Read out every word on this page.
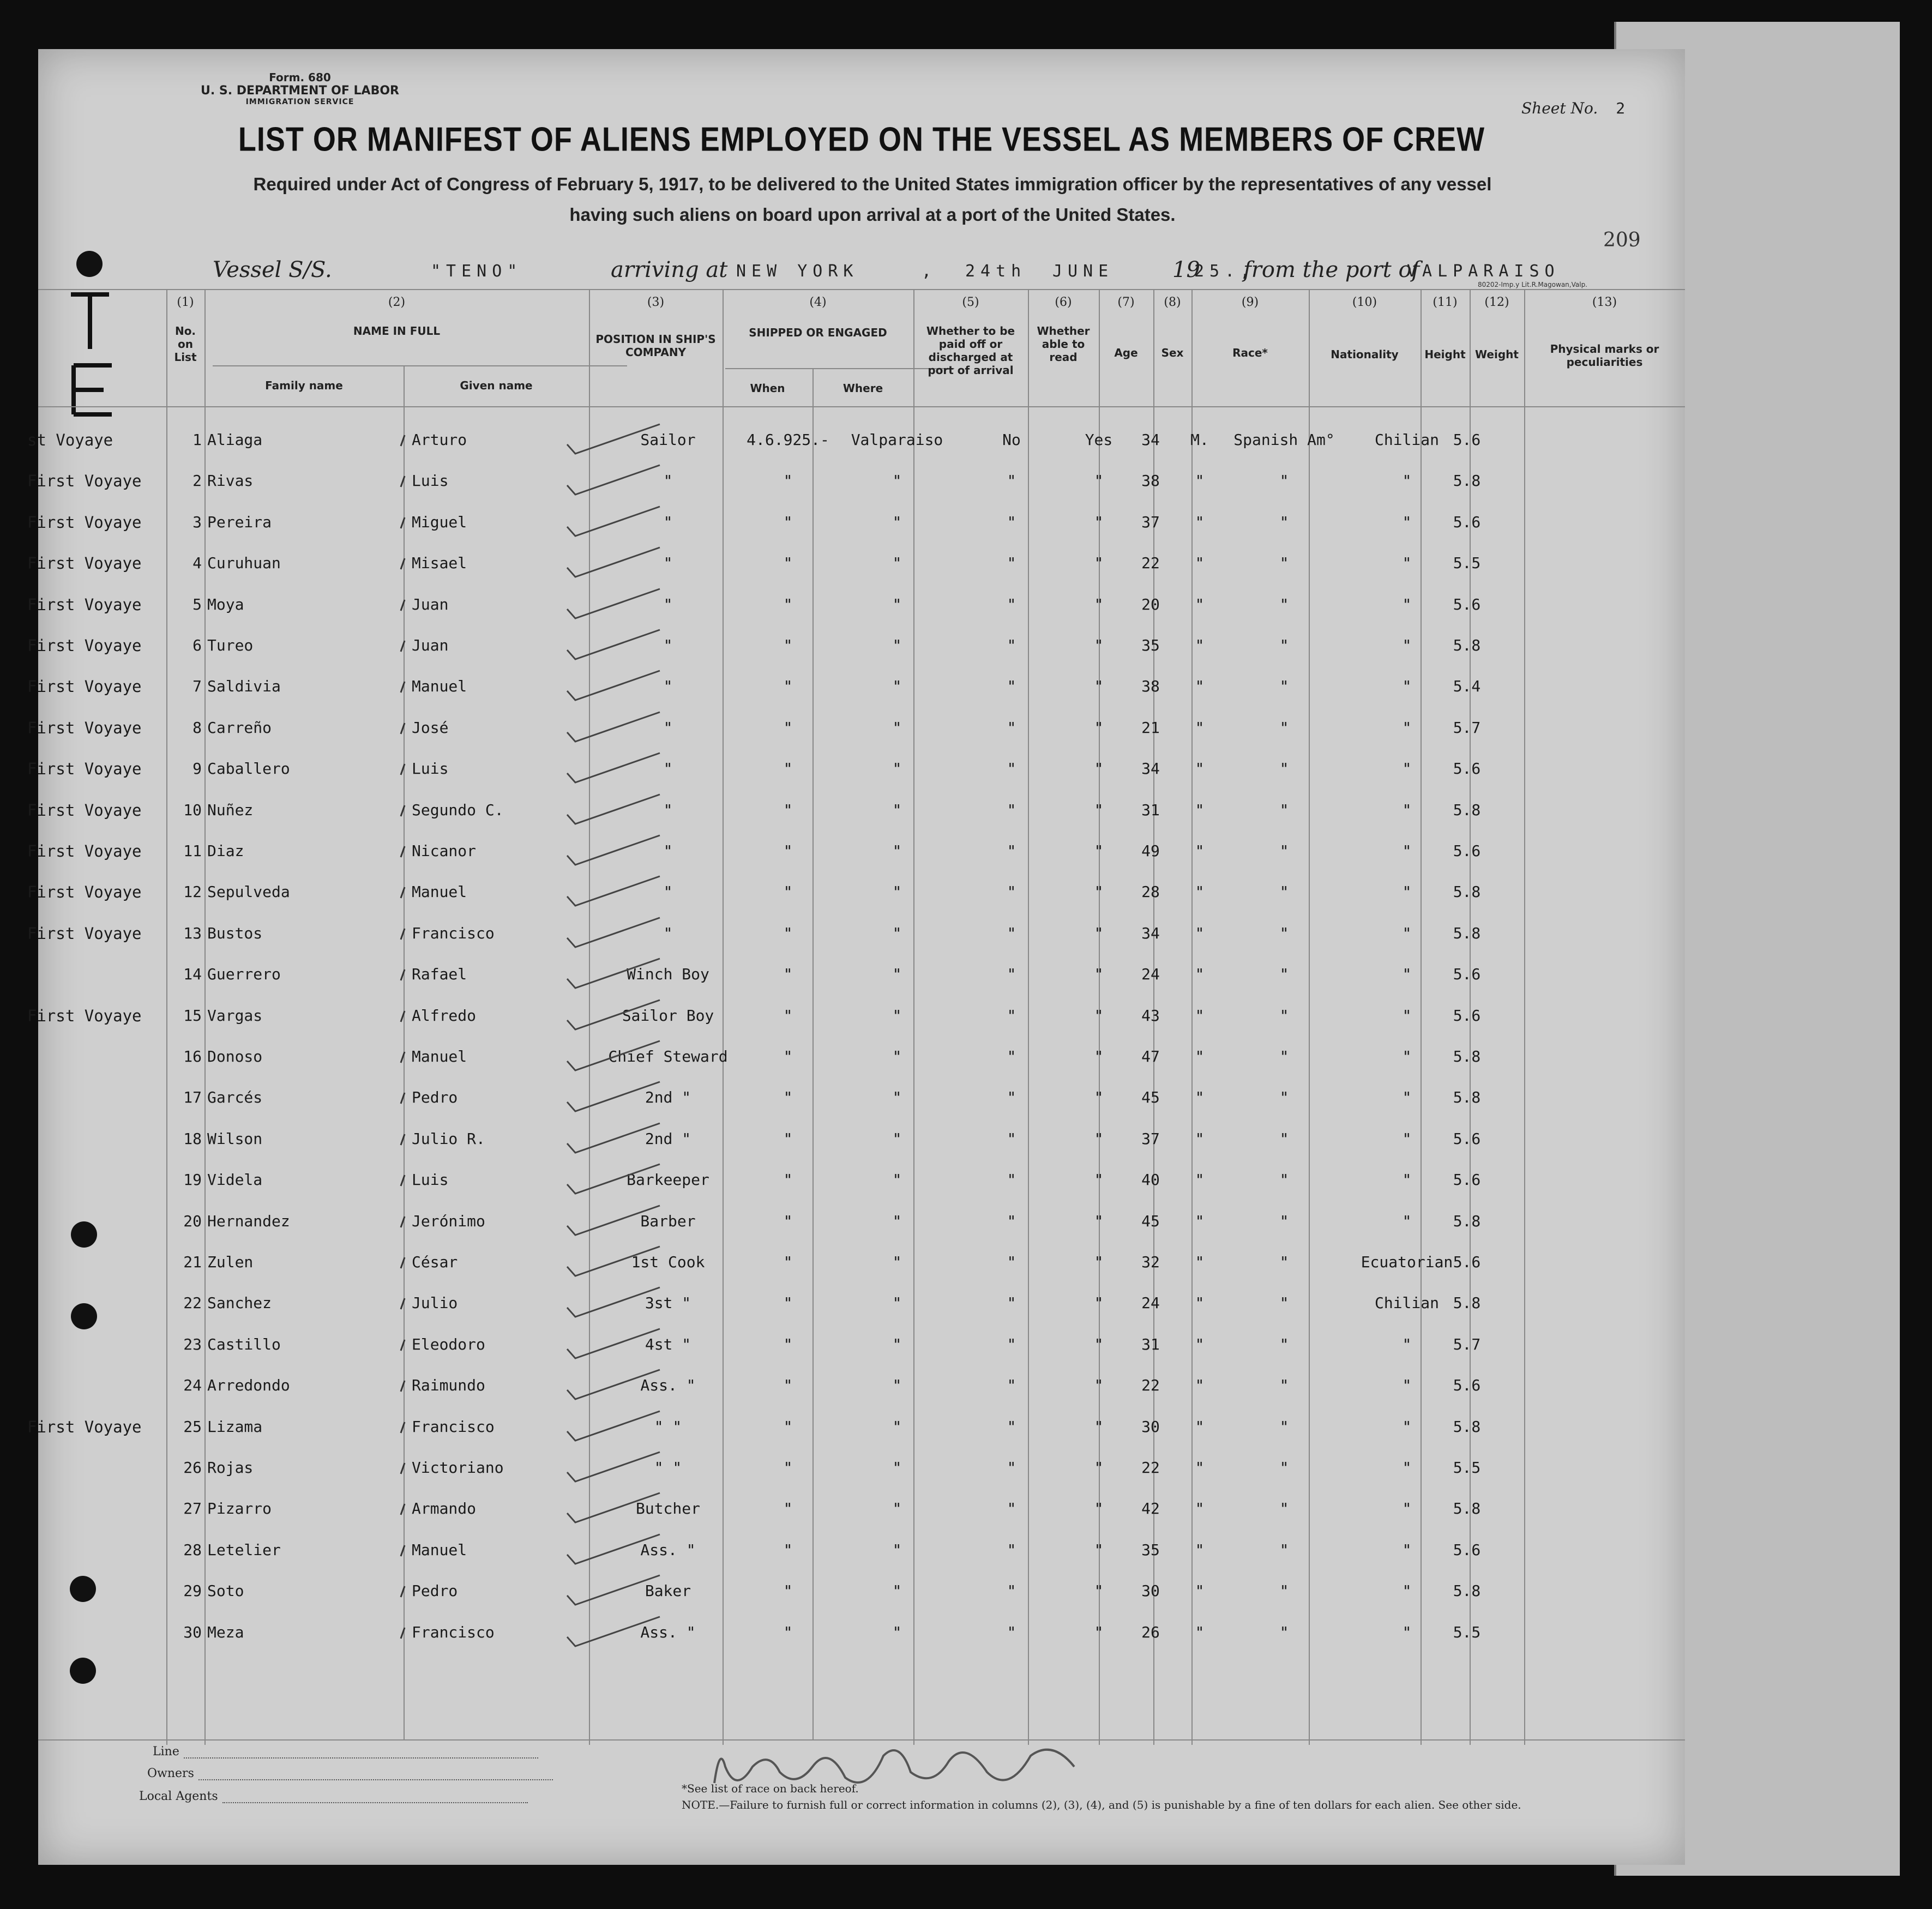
Form. 680
U. S. DEPARTMENT OF LABOR
IMMIGRATION SERVICE	Sheet No. 2
LIST OR MANIFEST OF ALIENS EMPLOYED ON THE VESSEL AS MEMBERS OF CREW
Required under Act of Congress of February 5, 1917, to be delivered to the United States immigration officer by the representatives of any vessel
having such aliens on board upon arrival at a port of the United States.
209
Vessel S/S.	"TENO"	arriving at NEW YORK	, 24th JUNE	19
25.,
from the port of
VALPARAISO
80202-Imp.y Lit.R.Magowan,Valp.
(1)	(2)	(3)	(4)	(5)	(6)	(7)	(8)	(9)	(10)	(11)	(12)	(13)
No. on List
NAME IN FULL
Family name	Given name
POSITION IN SHIP'S COMPANY
SHIPPED OR ENGAGED
When	Where
Whether to be paid off or discharged at port of arrival
Whether able to read	Age	Sex	Race*	Nationality	Height Weight	Physical marks or peculiarities
st Voyaye	1 Aliaga	Arturo	Sailor	4.6.925.-	Valparaiso	No	Yes	34	M.	Spanish Am°	Chilian 5.6
First Voyaye	2 Rivas	Luis	"	"	"	"	"	38	"	"	"	5.8
First Voyaye	3 Pereira	Miguel	"	"	"	"	"	37	"	"	"	5.6
First Voyaye	4 Curuhuan	Misael	"	"	"	"	"	22	"	"	"	5.5
First Voyaye	5 Moya	Juan	"	"	"	"	"	20	"	"	"	5.6
First Voyaye	6 Tureo	Juan	"	"	"	"	"	35	"	"	"	5.8
First Voyaye	7 Saldivia	Manuel	"	"	"	"	"	38	"	"	"	5.4
First Voyaye	8 Carreño	José	"	"	"	"	"	21	"	"	"	5.7
First Voyaye	9 Caballero	Luis	"	"	"	"	"	34	"	"	"	5.6
First Voyaye	10 Nuñez	Segundo C.	"	"	"	"	"	31	"	"	"	5.8
First Voyaye	11 Diaz	Nicanor	"	"	"	"	"	49	"	"	"	5.6
First Voyaye	12 Sepulveda	Manuel	"	"	"	"	"	28	"	"	"	5.8
First Voyaye	13 Bustos	Francisco	"	"	"	"	"	34	"	"	"	5.8
14 Guerrero	Rafael	Winch Boy	"	"	"	"	24	"	"	"	5.6
First Voyaye	15 Vargas	Alfredo	Sailor Boy	"	"	"	"	43	"	"	"	5.6
16 Donoso	Manuel	Chief Steward	"	"	"	"	47	"	"	"	5.8
17 Garcés	Pedro	2nd "	"	"	"	"	45	"	"	"	5.8
18 Wilson	Julio R.	2nd "	"	"	"	"	37	"	"	"	5.6
19 Videla	Luis	Barkeeper	"	"	"	"	40	"	"	"	5.6
20 Hernandez	Jerónimo	Barber	"	"	"	"	45	"	"	"	5.8
21 Zulen	César	1st Cook	"	"	"	"	32	"	"	Ecuatorian 5.6
22 Sanchez	Julio	3st "	"	"	"	"	24	"	"	Chilian 5.8
23 Castillo	Eleodoro	4st "	"	"	"	"	31	"	"	"	5.7
24 Arredondo	Raimundo	Ass. "	"	"	"	"	22	"	"	"	5.6
First Voyaye	25 Lizama	Francisco	" "	"	"	"	"	30	"	"	"	5.8
26 Rojas	Victoriano	" "	"	"	"	"	22	"	"	"	5.5
27 Pizarro	Armando	Butcher	"	"	"	"	42	"	"	"	5.8
28 Letelier	Manuel	Ass. "	"	"	"	"	35	"	"	"	5.6
29 Soto	Pedro	Baker	"	"	"	"	30	"	"	"	5.8
30 Meza	Francisco	Ass. "	"	"	"	"	26	"	"	"	5.5
Line
Owners
Local Agents
*See list of race on back hereof.
NOTE.—Failure to furnish full or correct information in columns (2), (3), (4), and (5) is punishable by a fine of ten dollars for each alien. See other side.
